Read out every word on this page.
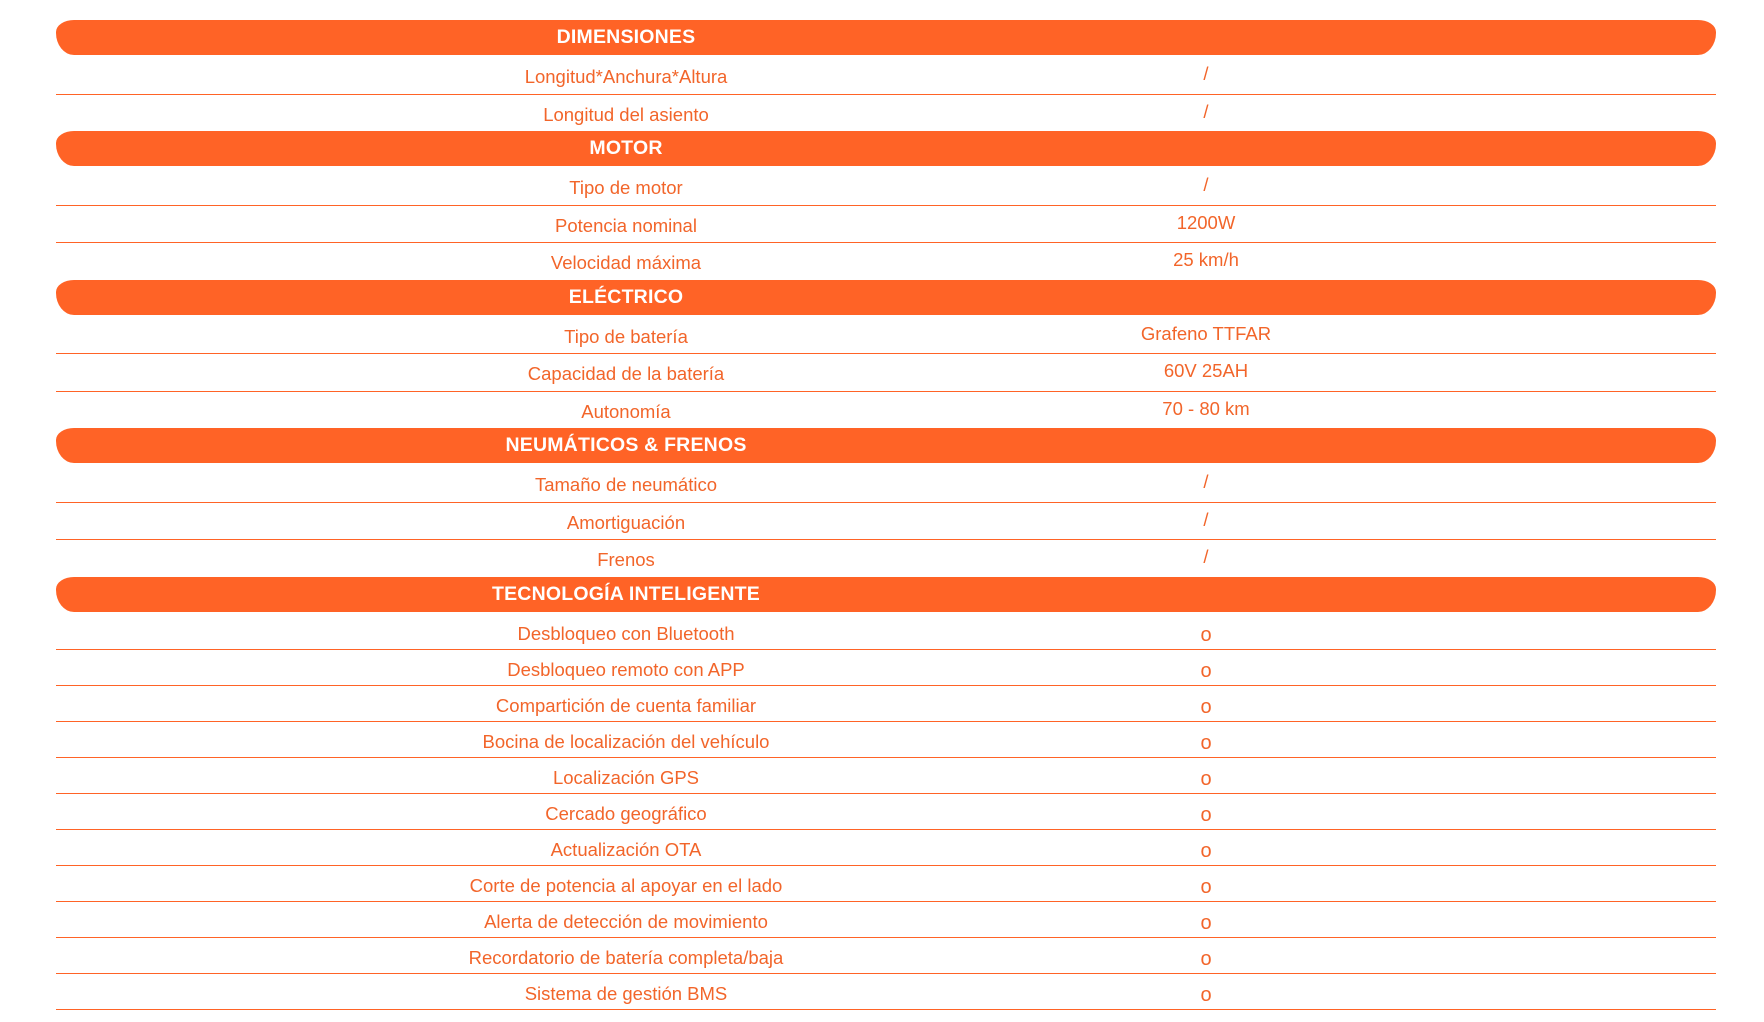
DIMENSIONES
Longitud*Anchura*Altura	/
Longitud del asiento	/
MOTOR
Tipo de motor	/
Potencia nominal	1200W
Velocidad máxima	25 km/h
ELÉCTRICO
Tipo de batería	Grafeno TTFAR
Capacidad de la batería	60V 25AH
Autonomía	70 - 80 km
NEUMÁTICOS & FRENOS
Tamaño de neumático	/
Amortiguación	/
Frenos	/
TECNOLOGÍA INTELIGENTE
Desbloqueo con Bluetooth	o
Desbloqueo remoto con APP	o
Compartición de cuenta familiar	o
Bocina de localización del vehículo	o
Localización GPS	o
Cercado geográfico	o
Actualización OTA	o
Corte de potencia al apoyar en el lado	o
Alerta de detección de movimiento	o
Recordatorio de batería completa/baja	o
Sistema de gestión BMS	o
